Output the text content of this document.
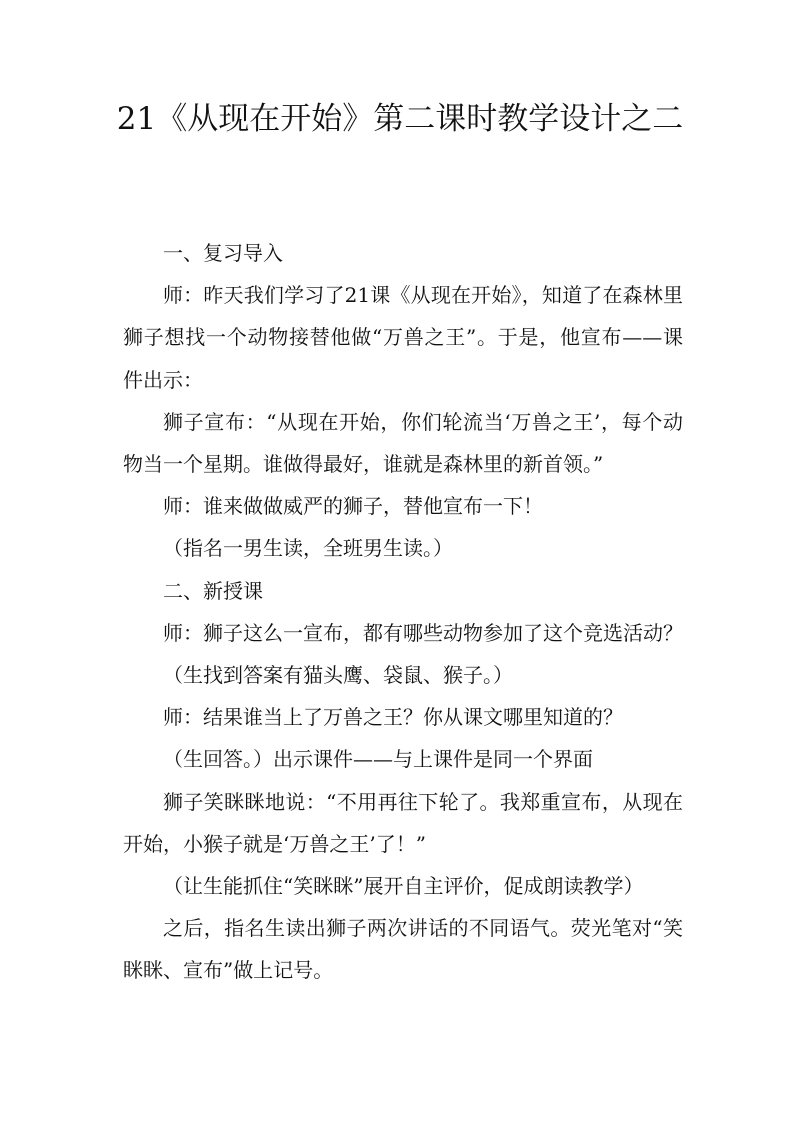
21《从现在开始》第二课时教学设计之二

一、复习导入

师：昨天我们学习了21课《从现在开始》，知道了在森林里狮子想找一个动物接替他做“万兽之王”。于是，他宣布——课件出示：

狮子宣布：“从现在开始，你们轮流当‘万兽之王’，每个动物当一个星期。谁做得最好，谁就是森林里的新首领。”

师：谁来做做威严的狮子，替他宣布一下！

（指名一男生读，全班男生读。）

二、新授课

师：狮子这么一宣布，都有哪些动物参加了这个竞选活动？

（生找到答案有猫头鹰、袋鼠、猴子。）

师：结果谁当上了万兽之王？你从课文哪里知道的？

（生回答。）出示课件——与上课件是同一个界面

狮子笑眯眯地说：“不用再往下轮了。我郑重宣布，从现在开始，小猴子就是‘万兽之王’了！”

（让生能抓住“笑眯眯”展开自主评价，促成朗读教学）

之后，指名生读出狮子两次讲话的不同语气。荧光笔对“笑眯眯、宣布”做上记号。
